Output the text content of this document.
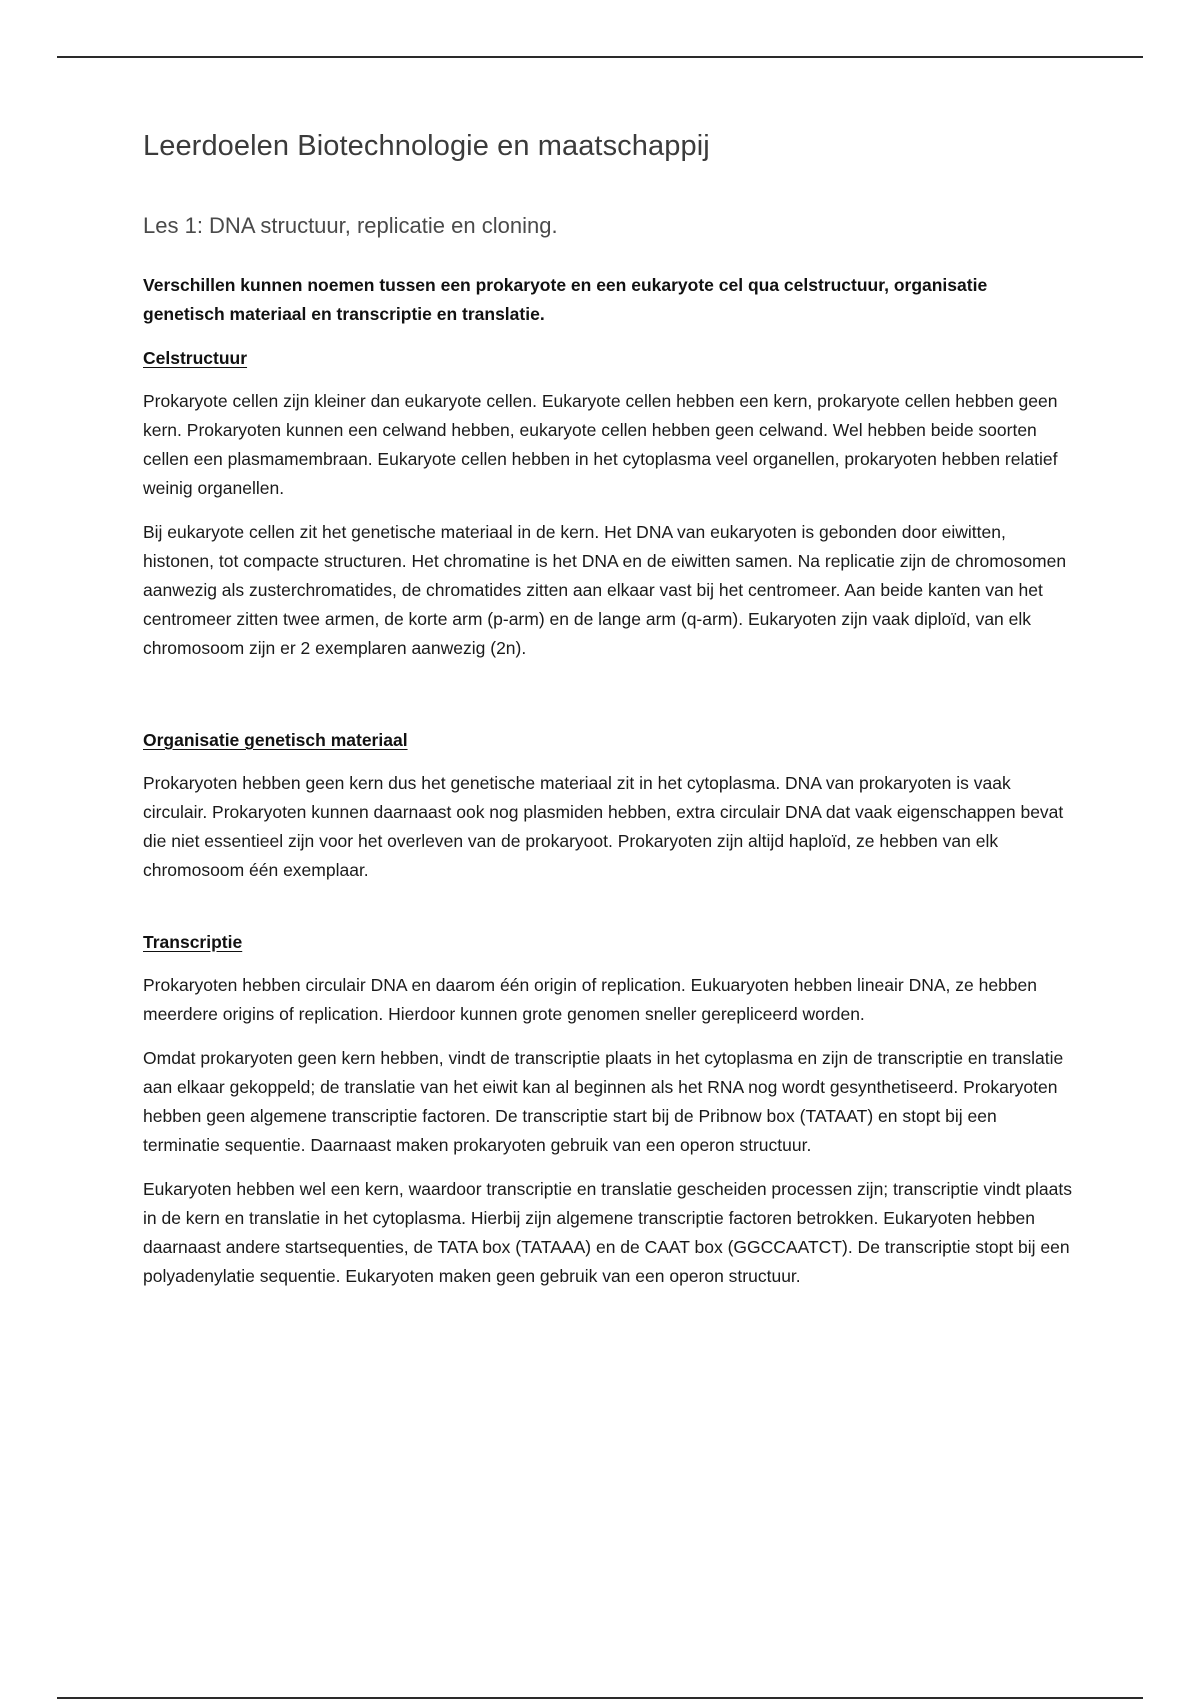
Leerdoelen Biotechnologie en maatschappij
Les 1: DNA structuur, replicatie en cloning.

Verschillen kunnen noemen tussen een prokaryote en een eukaryote cel qua celstructuur, organisatie genetisch materiaal en transcriptie en translatie.

Celstructuur

Prokaryote cellen zijn kleiner dan eukaryote cellen. Eukaryote cellen hebben een kern, prokaryote cellen hebben geen kern. Prokaryoten kunnen een celwand hebben, eukaryote cellen hebben geen celwand. Wel hebben beide soorten cellen een plasmamembraan. Eukaryote cellen hebben in het cytoplasma veel organellen, prokaryoten hebben relatief weinig organellen.

Bij eukaryote cellen zit het genetische materiaal in de kern. Het DNA van eukaryoten is gebonden door eiwitten, histonen, tot compacte structuren. Het chromatine is het DNA en de eiwitten samen. Na replicatie zijn de chromosomen aanwezig als zusterchromatides, de chromatides zitten aan elkaar vast bij het centromeer. Aan beide kanten van het centromeer zitten twee armen, de korte arm (p-arm) en de lange arm (q-arm). Eukaryoten zijn vaak diploïd, van elk chromosoom zijn er 2 exemplaren aanwezig (2n).

Organisatie genetisch materiaal

Prokaryoten hebben geen kern dus het genetische materiaal zit in het cytoplasma. DNA van prokaryoten is vaak circulair. Prokaryoten kunnen daarnaast ook nog plasmiden hebben, extra circulair DNA dat vaak eigenschappen bevat die niet essentieel zijn voor het overleven van de prokaryoot. Prokaryoten zijn altijd haploïd, ze hebben van elk chromosoom één exemplaar.

Transcriptie

Prokaryoten hebben circulair DNA en daarom één origin of replication. Eukuaryoten hebben lineair DNA, ze hebben meerdere origins of replication. Hierdoor kunnen grote genomen sneller gerepliceerd worden.

Omdat prokaryoten geen kern hebben, vindt de transcriptie plaats in het cytoplasma en zijn de transcriptie en translatie aan elkaar gekoppeld; de translatie van het eiwit kan al beginnen als het RNA nog wordt gesynthetiseerd. Prokaryoten hebben geen algemene transcriptie factoren. De transcriptie start bij de Pribnow box (TATAAT) en stopt bij een terminatie sequentie. Daarnaast maken prokaryoten gebruik van een operon structuur.

Eukaryoten hebben wel een kern, waardoor transcriptie en translatie gescheiden processen zijn; transcriptie vindt plaats in de kern en translatie in het cytoplasma. Hierbij zijn algemene transcriptie factoren betrokken. Eukaryoten hebben daarnaast andere startsequenties, de TATA box (TATAAA) en de CAAT box (GGCCAATCT). De transcriptie stopt bij een polyadenylatie sequentie. Eukaryoten maken geen gebruik van een operon structuur.
